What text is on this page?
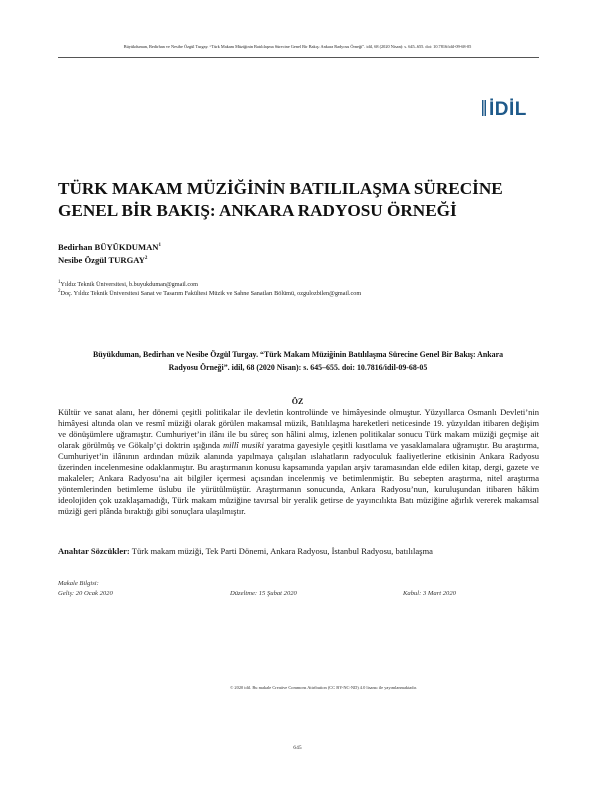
Büyükduman, Bedirhan ve Nesibe Özgül Turgay. “Türk Makam Müziğinin Batılılaşma Sürecine Genel Bir Bakış: Ankara Radyosu Örneği”. idil, 68 (2020 Nisan): s. 645–655. doi: 10.7816/idil-09-68-05
İDİL
TÜRK MAKAM MÜZİĞİNİN BATILILAŞMA SÜRECİNE
GENEL BİR BAKIŞ: ANKARA RADYOSU ÖRNEĞİ
Bedirhan BÜYÜKDUMAN$^1$
Nesibe Özgül TURGAY$^2$
$^1$Yıldız Teknik Üniversitesi, b.buyukduman@gmail.com
$^2$Doç. Yıldız Teknik Üniversitesi Sanat ve Tasarım Fakültesi Müzik ve Sahne Sanatları Bölümü, ozgulozbilen@gmail.com
Büyükduman, Bedirhan ve Nesibe Özgül Turgay. “Türk Makam Müziğinin Batılılaşma Sürecine Genel Bir Bakış: Ankara
Radyosu Örneği”. idil, 68 (2020 Nisan): s. 645–655. doi: 10.7816/idil-09-68-05
ÖZ

Kültür ve sanat alanı, her dönemi çeşitli politikalar ile devletin kontrolünde ve himâyesinde olmuştur. Yüzyıllarca Osmanlı Devleti’nin himâyesi altında olan ve resmî müziği olarak görülen makamsal müzik, Batılılaşma hareketleri neticesinde 19. yüzyıldan itibaren değişim ve dönüşümlere uğramıştır. Cumhuriyet’in ilânı ile bu süreç son hâlini almış, izlenen politikalar sonucu Türk makam müziği geçmişe ait olarak görülmüş ve Gökalp’çi doktrin ışığında millî musiki yaratma gayesiyle çeşitli kısıtlama ve yasaklamalara uğramıştır. Bu araştırma, Cumhuriyet’in ilânının ardından müzik alanında yapılmaya çalışılan ıslahatların radyoculuk faaliyetlerine etkisinin Ankara Radyosu üzerinden incelenmesine odaklanmıştır. Bu araştırmanın konusu kapsamında yapılan arşiv taramasından elde edilen kitap, dergi, gazete ve makaleler; Ankara Radyosu’na ait bilgiler içermesi açısından incelenmiş ve betimlenmiştir. Bu sebepten araştırma, nitel araştırma yöntemlerinden betimleme üslubu ile yürütülmüştür. Araştırmanın sonucunda, Ankara Radyosu’nun, kuruluşundan itibaren hâkim ideolojiden çok uzaklaşamadığı, Türk makam müziğine tavırsal bir yeralik getirse de yayıncılıkta Batı müziğine ağırlık vererek makamsal müziği geri plânda bıraktığı gibi sonuçlara ulaşılmıştır.

Anahtar Sözcükler: Türk makam müziği, Tek Parti Dönemi, Ankara Radyosu, İstanbul Radyosu, batılılaşma
Makale Bilgisi:
Geliş: 20 Ocak 2020	Düzeltme: 15 Şubat 2020	Kabul: 3 Mart 2020
© 2020 idil. Bu makale Creative Commons Attribution (CC BY-NC-ND) 4.0 lisansı ile yayımlanmaktadır.
645
